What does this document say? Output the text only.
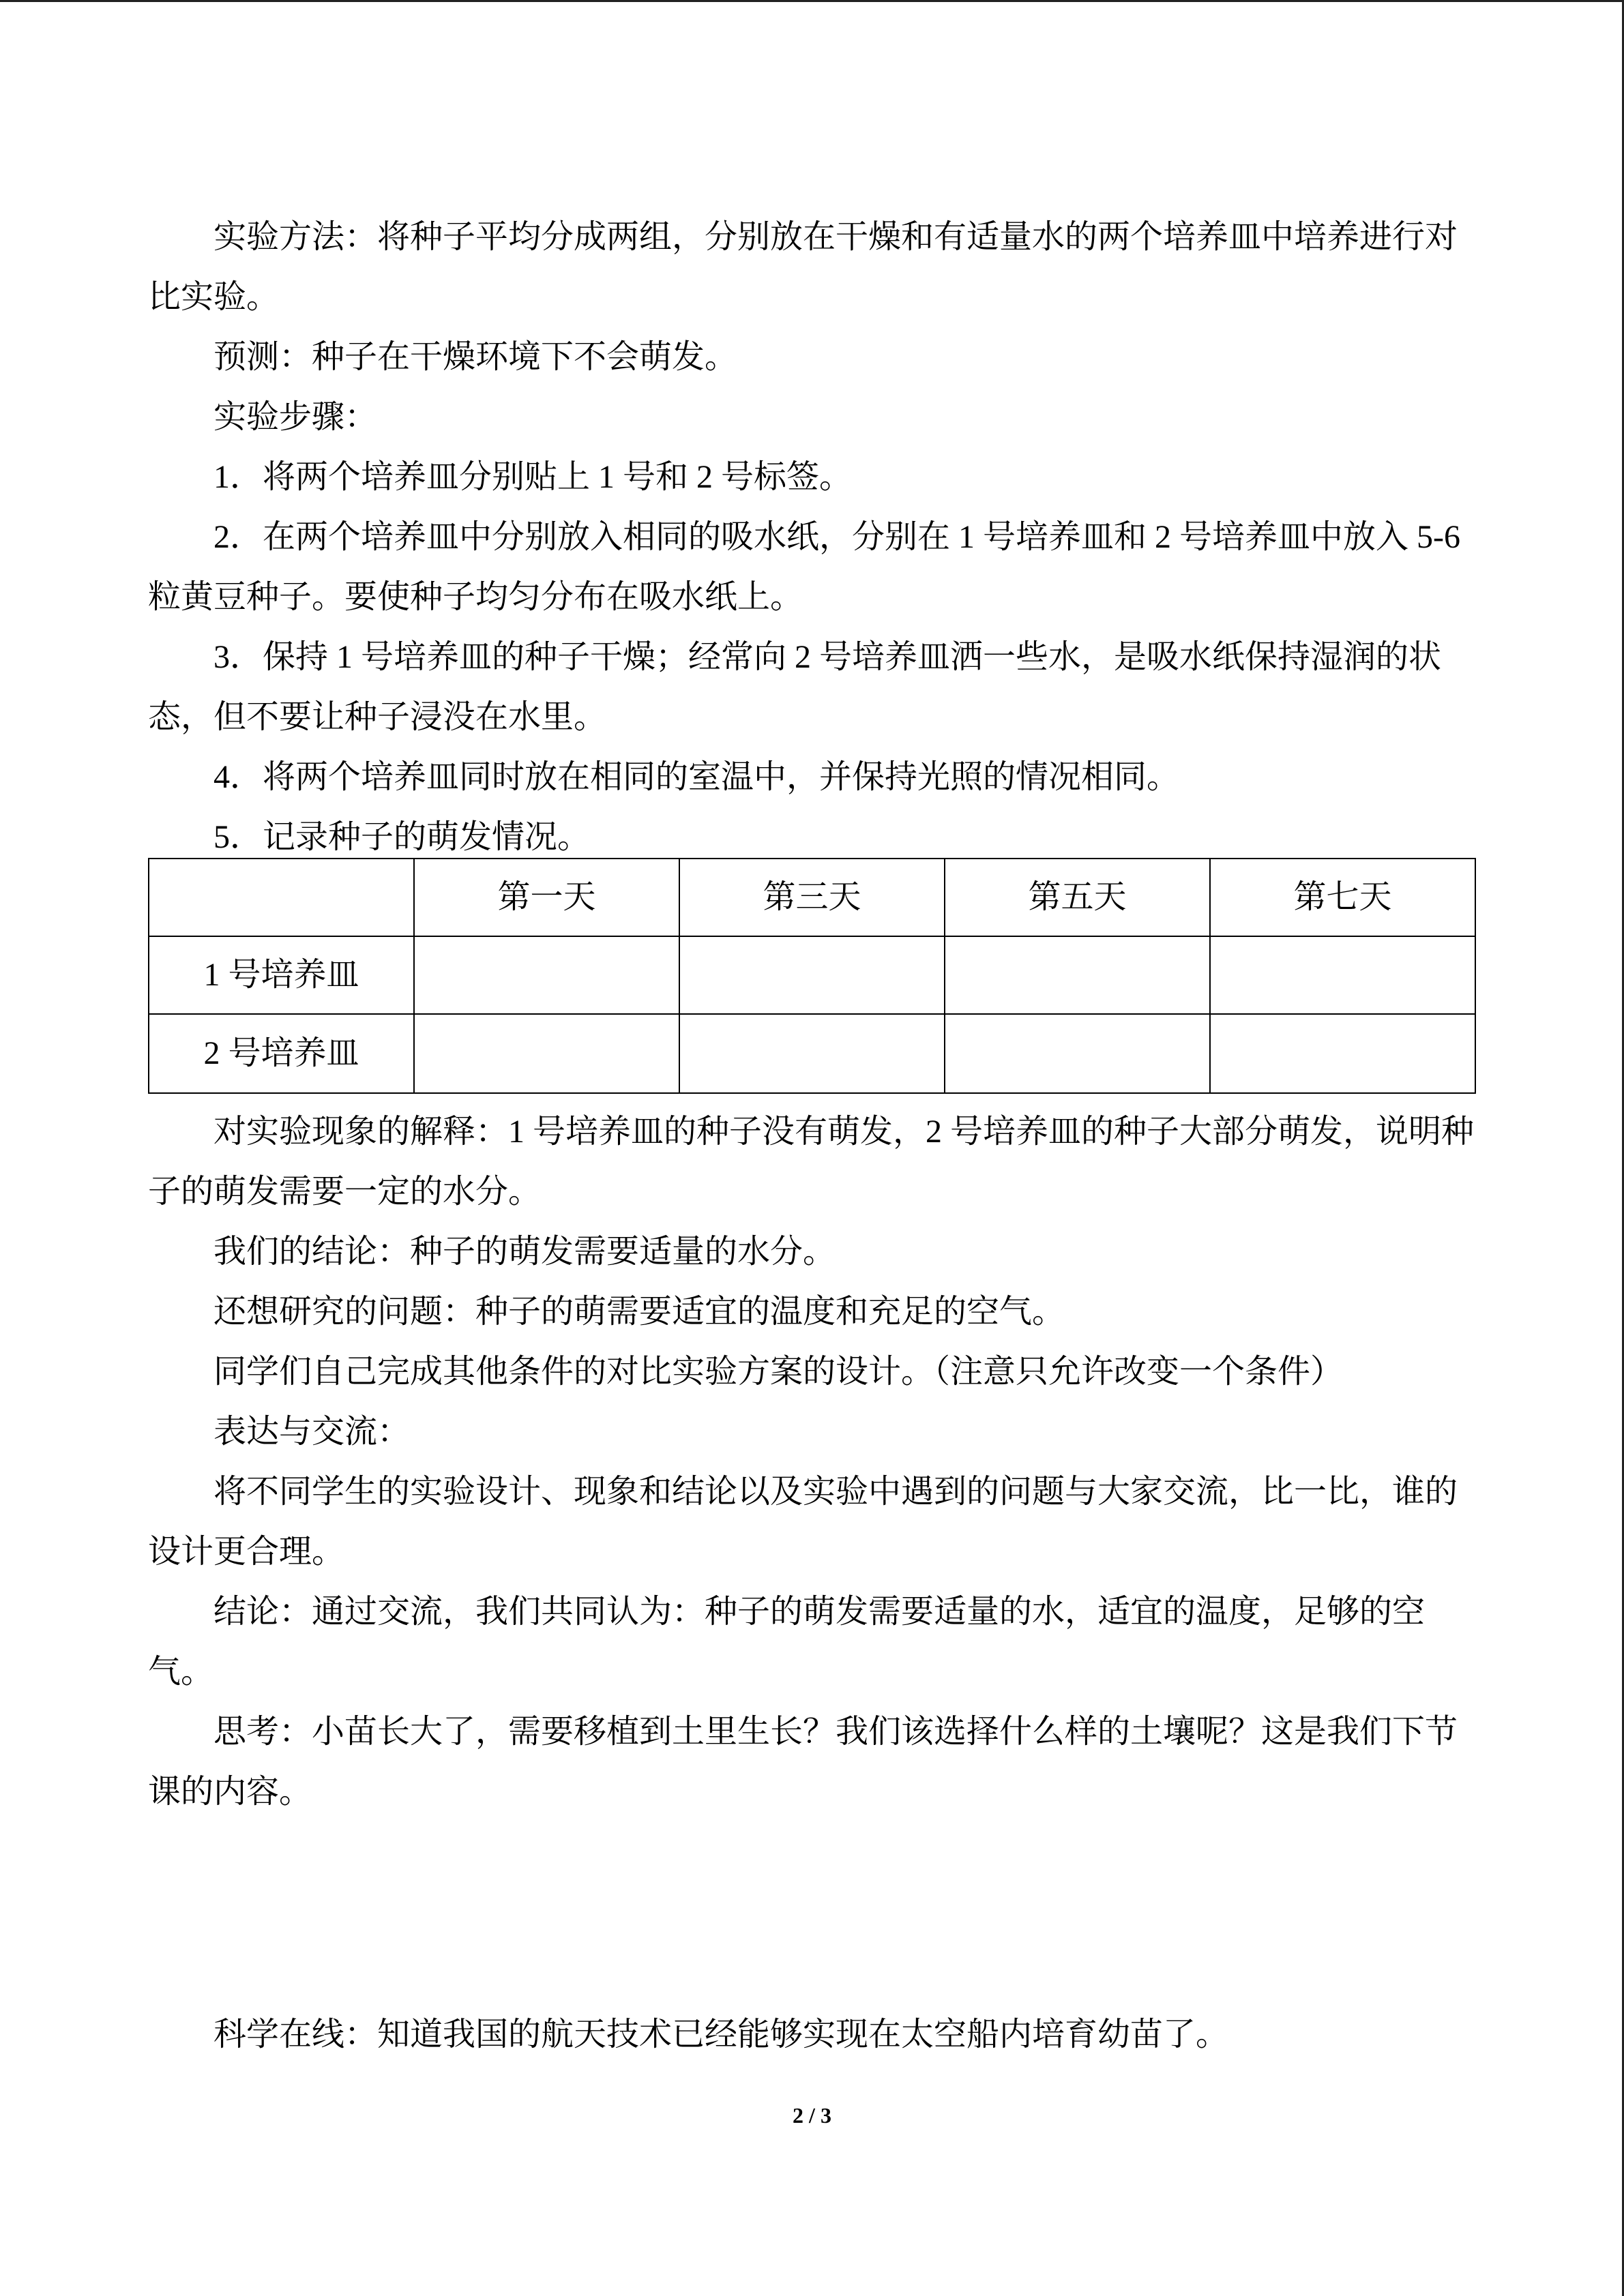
实验方法：将种子平均分成两组，分别放在干燥和有适量水的两个培养皿中培养进行对
比实验。
预测：种子在干燥环境下不会萌发。
实验步骤：
1．将两个培养皿分别贴上 1 号和 2 号标签。
2．在两个培养皿中分别放入相同的吸水纸，分别在 1 号培养皿和 2 号培养皿中放入 5-6
粒黄豆种子。要使种子均匀分布在吸水纸上。
3．保持 1 号培养皿的种子干燥；经常向 2 号培养皿洒一些水，是吸水纸保持湿润的状
态，但不要让种子浸没在水里。
4．将两个培养皿同时放在相同的室温中，并保持光照的情况相同。
5．记录种子的萌发情况。
	第一天	第三天	第五天	第七天
1 号培养皿				
2 号培养皿				
对实验现象的解释：1 号培养皿的种子没有萌发，2 号培养皿的种子大部分萌发，说明种
子的萌发需要一定的水分。
我们的结论：种子的萌发需要适量的水分。
还想研究的问题：种子的萌需要适宜的温度和充足的空气。
同学们自己完成其他条件的对比实验方案的设计。（注意只允许改变一个条件）
表达与交流：
将不同学生的实验设计、现象和结论以及实验中遇到的问题与大家交流，比一比，谁的
设计更合理。
结论：通过交流，我们共同认为：种子的萌发需要适量的水，适宜的温度，足够的空
气。
思考：小苗长大了，需要移植到土里生长？我们该选择什么样的土壤呢？这是我们下节
课的内容。
科学在线：知道我国的航天技术已经能够实现在太空船内培育幼苗了。
2 / 3
